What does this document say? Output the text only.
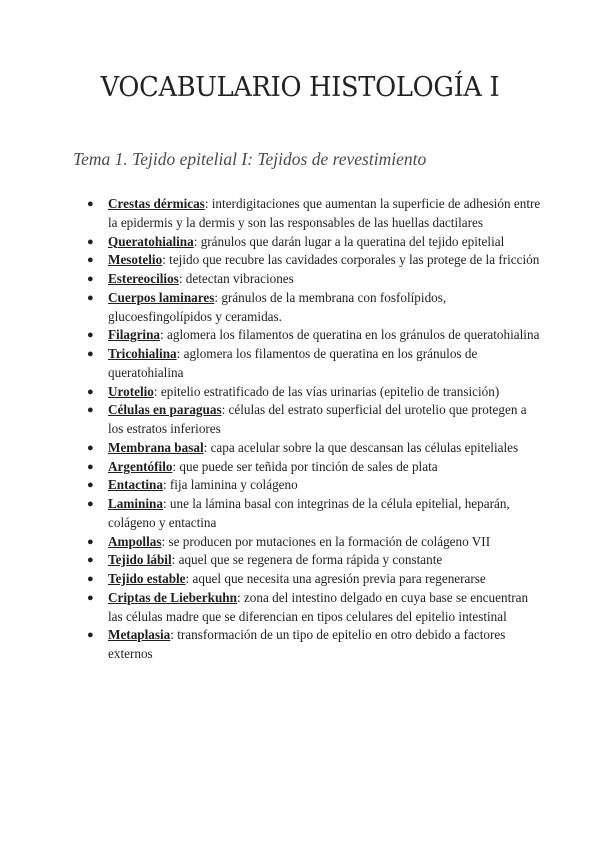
VOCABULARIO HISTOLOGÍA I
Tema 1. Tejido epitelial I: Tejidos de revestimiento
● Crestas dérmicas: interdigitaciones que aumentan la superficie de adhesión entre la epidermis y la dermis y son las responsables de las huellas dactilares
● Queratohialina: gránulos que darán lugar a la queratina del tejido epitelial
● Mesotelio: tejido que recubre las cavidades corporales y las protege de la fricción
● Estereocilios: detectan vibraciones
● Cuerpos laminares: gránulos de la membrana con fosfolípidos, glucoesfingolípidos y ceramidas.
● Filagrina: aglomera los filamentos de queratina en los gránulos de queratohialina
● Tricohialina: aglomera los filamentos de queratina en los gránulos de queratohialina
● Urotelio: epitelio estratificado de las vías urinarias (epitelio de transición)
● Células en paraguas: células del estrato superficial del urotelio que protegen a los estratos inferiores
● Membrana basal: capa acelular sobre la que descansan las células epiteliales
● Argentófilo: que puede ser teñida por tinción de sales de plata
● Entactina: fija laminina y colágeno
● Laminina: une la lámina basal con integrinas de la célula epitelial, heparán, colágeno y entactina
● Ampollas: se producen por mutaciones en la formación de colágeno VII
● Tejido lábil: aquel que se regenera de forma rápida y constante
● Tejido estable: aquel que necesita una agresión previa para regenerarse
● Criptas de Lieberkuhn: zona del intestino delgado en cuya base se encuentran las células madre que se diferencian en tipos celulares del epitelio intestinal
● Metaplasia: transformación de un tipo de epitelio en otro debido a factores externos
